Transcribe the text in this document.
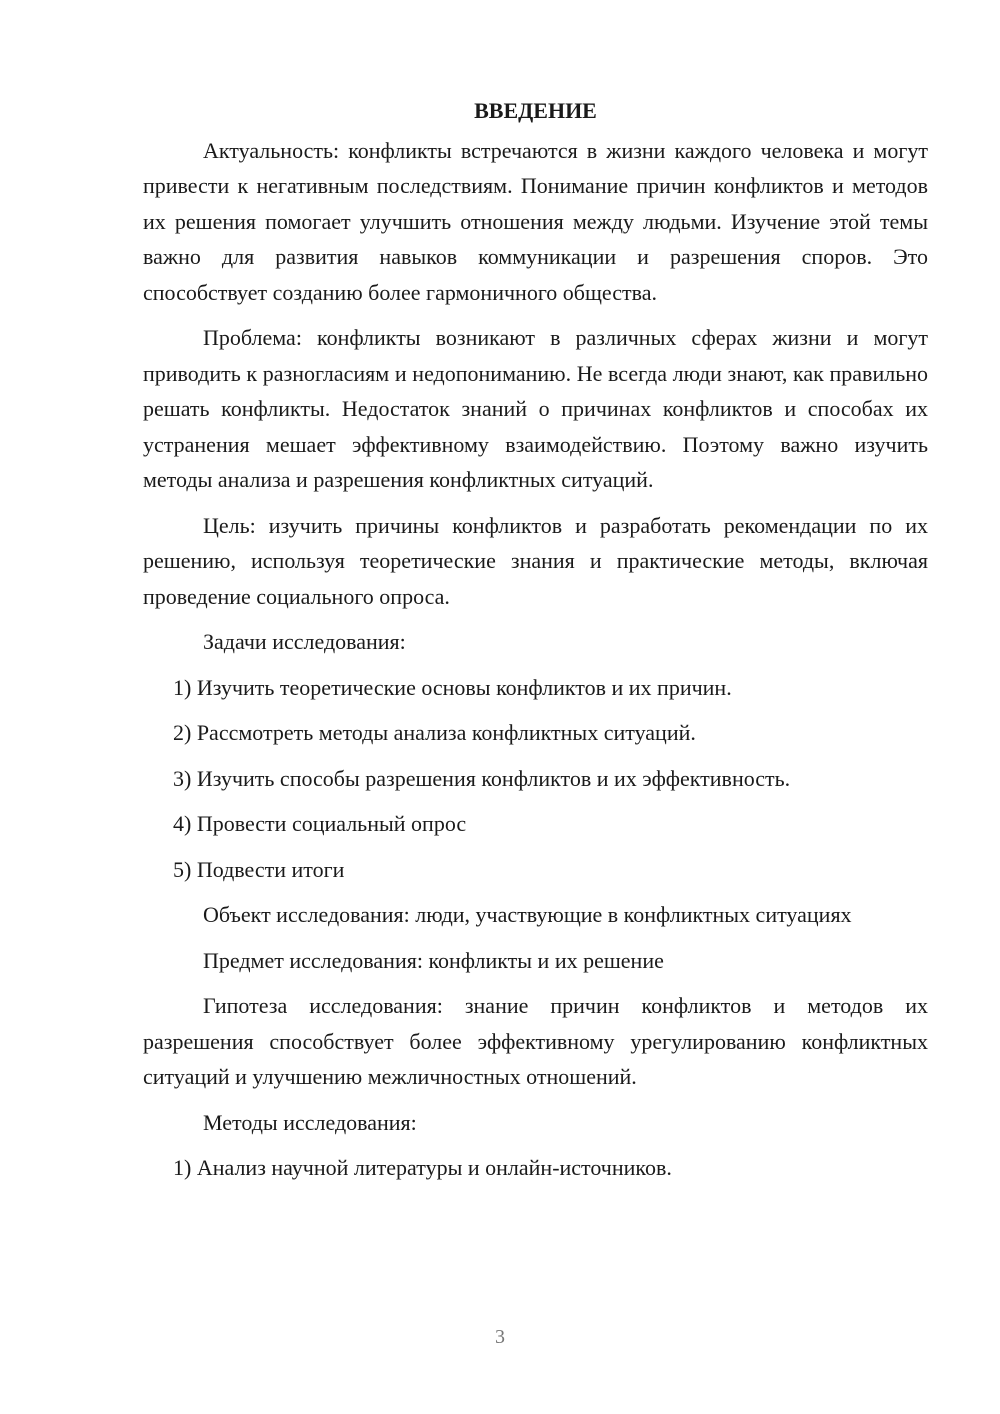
ВВЕДЕНИЕ

Актуальность: конфликты встречаются в жизни каждого человека и могут привести к негативным последствиям. Понимание причин конфликтов и методов их решения помогает улучшить отношения между людьми. Изучение этой темы важно для развития навыков коммуникации и разрешения споров. Это способствует созданию более гармоничного общества.

Проблема: конфликты возникают в различных сферах жизни и могут приводить к разногласиям и недопониманию. Не всегда люди знают, как правильно решать конфликты. Недостаток знаний о причинах конфликтов и способах их устранения мешает эффективному взаимодействию. Поэтому важно изучить методы анализа и разрешения конфликтных ситуаций.

Цель: изучить причины конфликтов и разработать рекомендации по их решению, используя теоретические знания и практические методы, включая проведение социального опроса.

Задачи исследования:

1) Изучить теоретические основы конфликтов и их причин.

2) Рассмотреть методы анализа конфликтных ситуаций.

3) Изучить способы разрешения конфликтов и их эффективность.

4) Провести социальный опрос

5) Подвести итоги

Объект исследования: люди, участвующие в конфликтных ситуациях

Предмет исследования: конфликты и их решение

Гипотеза исследования: знание причин конфликтов и методов их разрешения способствует более эффективному урегулированию конфликтных ситуаций и улучшению межличностных отношений.

Методы исследования:

1) Анализ научной литературы и онлайн-источников.

3
